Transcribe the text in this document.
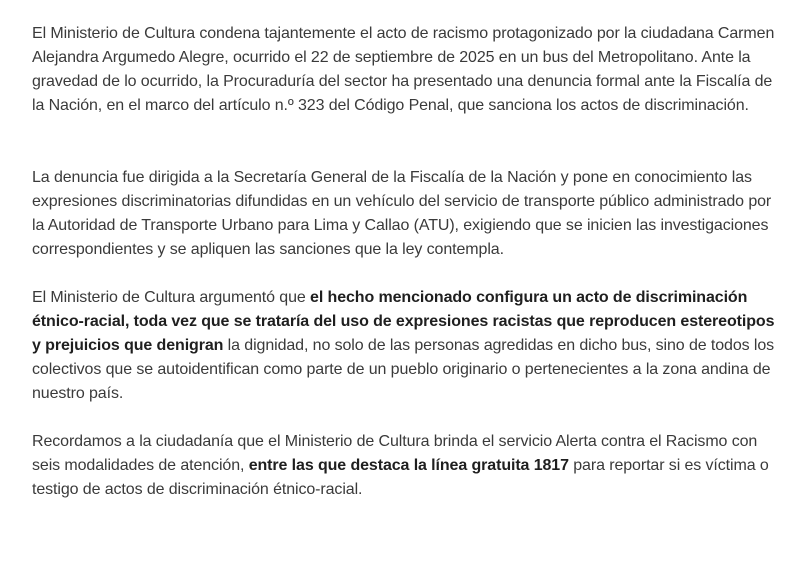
El Ministerio de Cultura condena tajantemente el acto de racismo protagonizado por la ciudadana Carmen Alejandra Argumedo Alegre, ocurrido el 22 de septiembre de 2025 en un bus del Metropolitano. Ante la gravedad de lo ocurrido, la Procuraduría del sector ha presentado una denuncia formal ante la Fiscalía de la Nación, en el marco del artículo n.º 323 del Código Penal, que sanciona los actos de discriminación.

La denuncia fue dirigida a la Secretaría General de la Fiscalía de la Nación y pone en conocimiento las expresiones discriminatorias difundidas en un vehículo del servicio de transporte público administrado por la Autoridad de Transporte Urbano para Lima y Callao (ATU), exigiendo que se inicien las investigaciones correspondientes y se apliquen las sanciones que la ley contempla.

El Ministerio de Cultura argumentó que el hecho mencionado configura un acto de discriminación étnico-racial, toda vez que se trataría del uso de expresiones racistas que reproducen estereotipos y prejuicios que denigran la dignidad, no solo de las personas agredidas en dicho bus, sino de todos los colectivos que se autoidentifican como parte de un pueblo originario o pertenecientes a la zona andina de nuestro país.

Recordamos a la ciudadanía que el Ministerio de Cultura brinda el servicio Alerta contra el Racismo con seis modalidades de atención, entre las que destaca la línea gratuita 1817 para reportar si es víctima o testigo de actos de discriminación étnico-racial.
